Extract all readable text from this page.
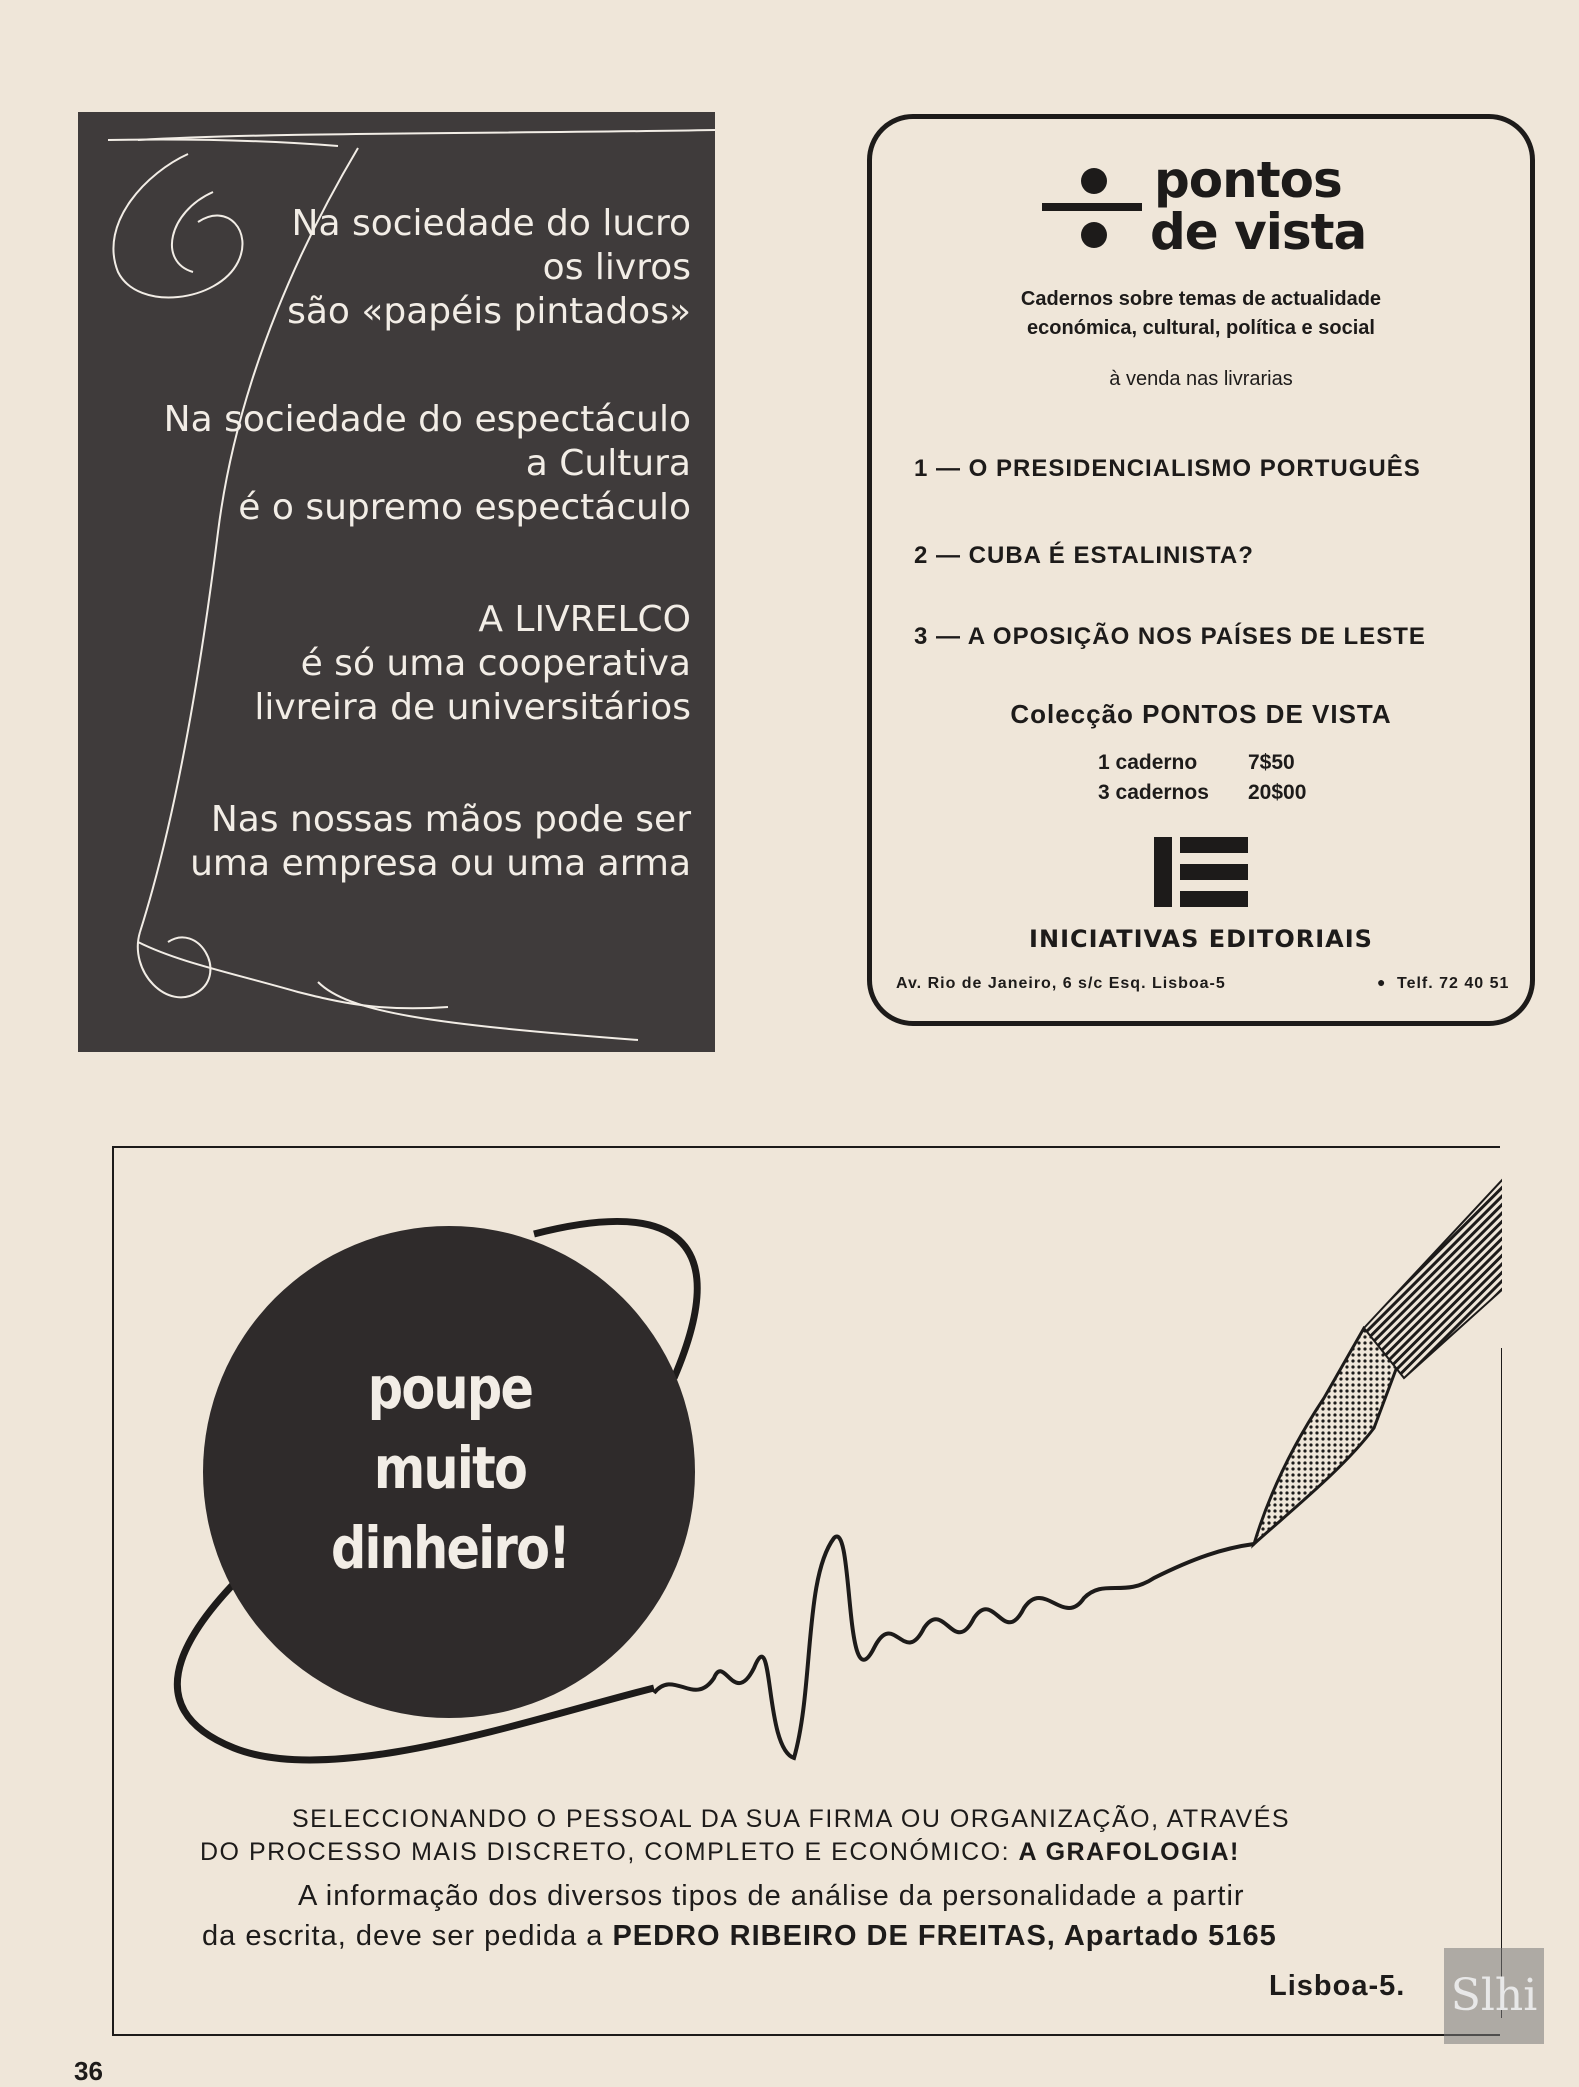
Na sociedade do lucro
os livros
são «papéis pintados»
Na sociedade do espectáculo
a Cultura
é o supremo espectáculo
A LIVRELCO
é só uma cooperativa
livreira de universitários
Nas nossas mãos pode ser
uma empresa ou uma arma
pontos
de vista
Cadernos sobre temas de actualidade
económica, cultural, política e social
à venda nas livrarias
1 — O PRESIDENCIALISMO PORTUGUÊS
2 — CUBA É ESTALINISTA?
3 — A OPOSIÇÃO NOS PAÍSES DE LESTE
Colecção PONTOS DE VISTA
1 caderno 7$50
3 cadernos 20$00
INICIATIVAS EDITORIAIS
Av. Rio de Janeiro, 6 s/c Esq. Lisboa-5	● Telf. 72 40 51
poupe
muito
dinheiro!
SELECCIONANDO O PESSOAL DA SUA FIRMA OU ORGANIZAÇÃO, ATRAVÉS
DO PROCESSO MAIS DISCRETO, COMPLETO E ECONÓMICO: A GRAFOLOGIA!
A informação dos diversos tipos de análise da personalidade a partir
da escrita, deve ser pedida a PEDRO RIBEIRO DE FREITAS, Apartado 5165
Lisboa-5.
36
Slhi
